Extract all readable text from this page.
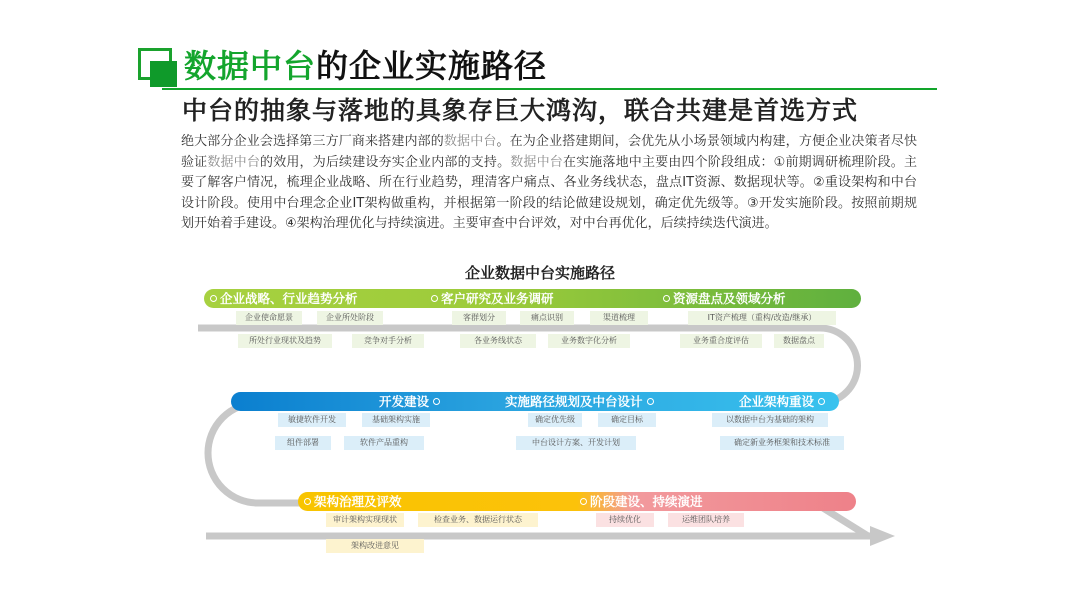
数据中台的企业实施路径
中台的抽象与落地的具象存巨大鸿沟，联合共建是首选方式

绝大部分企业会选择第三方厂商来搭建内部的数据中台。在为企业搭建期间，会优先从小场景领域内构建，方便企业决策者尽快验证数据中台的效用，为后续建设夯实企业内部的支持。数据中台在实施落地中主要由四个阶段组成：①前期调研梳理阶段。主要了解客户情况，梳理企业战略、所在行业趋势，理清客户痛点、各业务线状态，盘点IT资源、数据现状等。②重设架构和中台设计阶段。使用中台理念企业IT架构做重构，并根据第一阶段的结论做建设规划，确定优先级等。③开发实施阶段。按照前期规划开始着手建设。④架构治理优化与持续演进。主要审查中台评效，对中台再优化，后续持续迭代演进。

企业数据中台实施路径
企业战略、行业趋势分析	客户研究及业务调研	资源盘点及领域分析
企业使命愿景	企业所处阶段	客群划分	痛点识别	渠道梳理	IT资产梳理（重构/改造/继承）
所处行业现状及趋势	竞争对手分析	各业务线状态	业务数字化分析	业务重合度评估	数据盘点
开发建设	实施路径规划及中台设计	企业架构重设
敏捷软件开发	基础架构实施	确定优先级	确定目标	以数据中台为基础的架构
组件部署	软件产品重构	中台设计方案、开发计划	确定新业务框架和技术标准
架构治理及评效	阶段建设、持续演进
审计架构实现现状	检查业务、数据运行状态	持续优化	运维团队培养
架构改进意见
